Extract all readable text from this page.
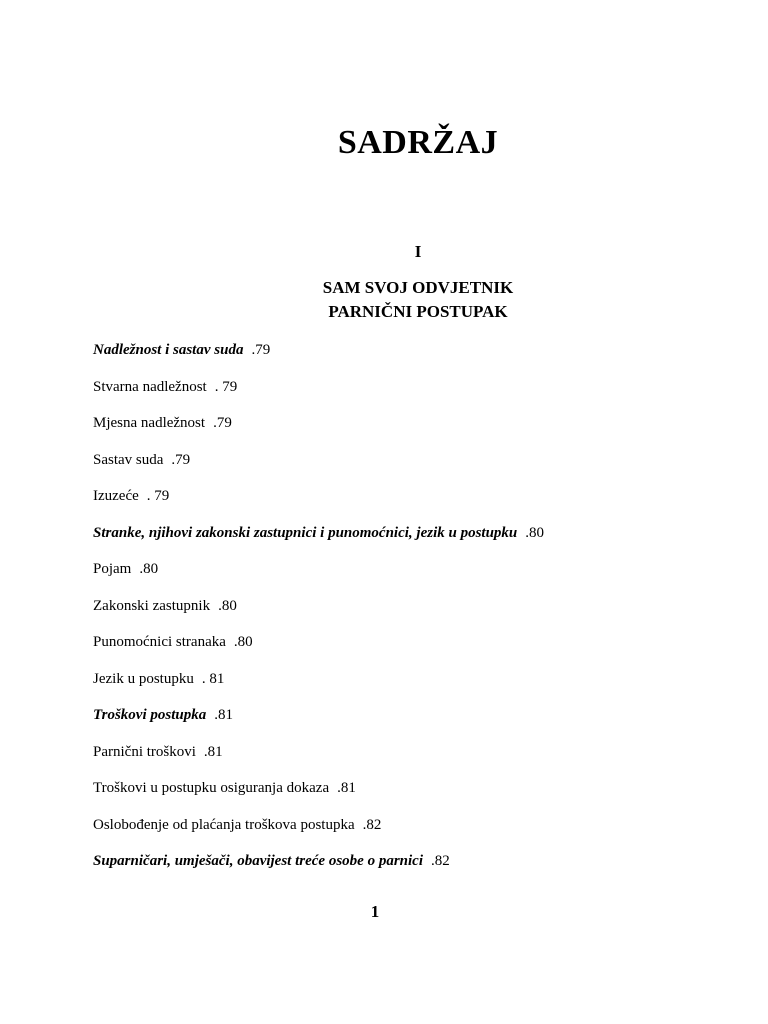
SADRŽAJ
I
SAM SVOJ ODVJETNIK
PARNIČNI POSTUPAK
Nadležnost i sastav suda .79
Stvarna nadležnost . 79
Mjesna nadležnost .79
Sastav suda .79
Izuzeće . 79
Stranke, njihovi zakonski zastupnici i punomoćnici, jezik u postupku .80
Pojam .80
Zakonski zastupnik .80
Punomoćnici stranaka .80
Jezik u postupku . 81
Troškovi postupka .81
Parnični troškovi .81
Troškovi u postupku osiguranja dokaza .81
Oslobođenje od plaćanja troškova postupka .82
Suparničari, umješači, obavijest treće osobe o parnici .82
1
